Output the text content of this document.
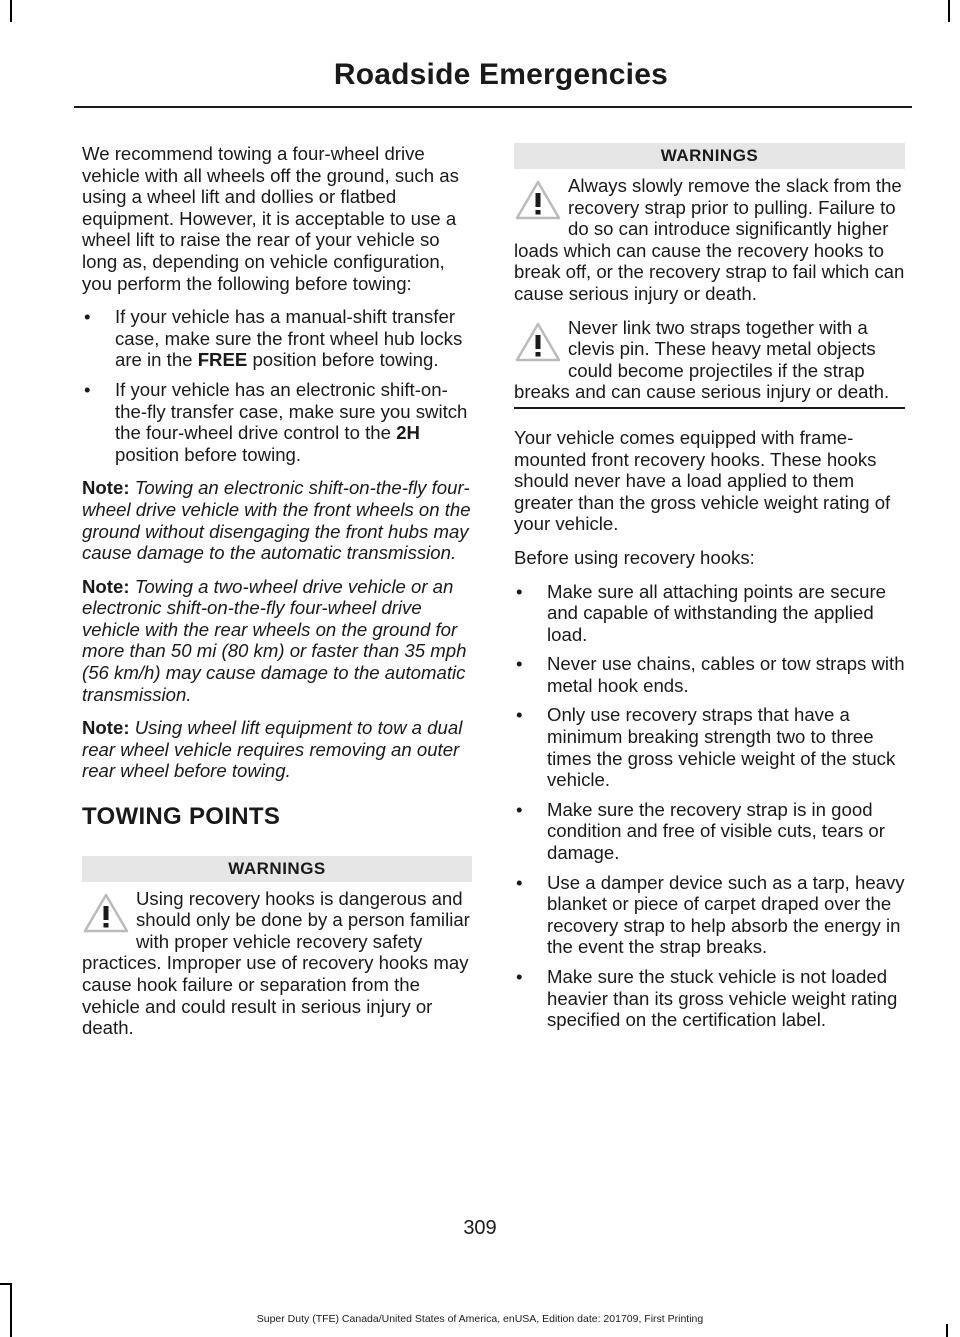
Roadside Emergencies

We recommend towing a four-wheel drive vehicle with all wheels off the ground, such as using a wheel lift and dollies or flatbed equipment. However, it is acceptable to use a wheel lift to raise the rear of your vehicle so long as, depending on vehicle configuration, you perform the following before towing:

• If your vehicle has a manual-shift transfer case, make sure the front wheel hub locks are in the FREE position before towing.
• If your vehicle has an electronic shift-on-the-fly transfer case, make sure you switch the four-wheel drive control to the 2H position before towing.

Note: Towing an electronic shift-on-the-fly four-wheel drive vehicle with the front wheels on the ground without disengaging the front hubs may cause damage to the automatic transmission.

Note: Towing a two-wheel drive vehicle or an electronic shift-on-the-fly four-wheel drive vehicle with the rear wheels on the ground for more than 50 mi (80 km) or faster than 35 mph (56 km/h) may cause damage to the automatic transmission.

Note: Using wheel lift equipment to tow a dual rear wheel vehicle requires removing an outer rear wheel before towing.

TOWING POINTS
WARNINGS
Using recovery hooks is dangerous and should only be done by a person familiar with proper vehicle recovery safety practices. Improper use of recovery hooks may cause hook failure or separation from the vehicle and could result in serious injury or death.
WARNINGS
Always slowly remove the slack from the recovery strap prior to pulling. Failure to do so can introduce significantly higher loads which can cause the recovery hooks to break off, or the recovery strap to fail which can cause serious injury or death.
Never link two straps together with a clevis pin. These heavy metal objects could become projectiles if the strap breaks and can cause serious injury or death.

Your vehicle comes equipped with frame-mounted front recovery hooks. These hooks should never have a load applied to them greater than the gross vehicle weight rating of your vehicle.

Before using recovery hooks:

• Make sure all attaching points are secure and capable of withstanding the applied load.
• Never use chains, cables or tow straps with metal hook ends.
• Only use recovery straps that have a minimum breaking strength two to three times the gross vehicle weight of the stuck vehicle.
• Make sure the recovery strap is in good condition and free of visible cuts, tears or damage.
• Use a damper device such as a tarp, heavy blanket or piece of carpet draped over the recovery strap to help absorb the energy in the event the strap breaks.
• Make sure the stuck vehicle is not loaded heavier than its gross vehicle weight rating specified on the certification label.
309
Super Duty (TFE) Canada/United States of America, enUSA, Edition date: 201709, First Printing
